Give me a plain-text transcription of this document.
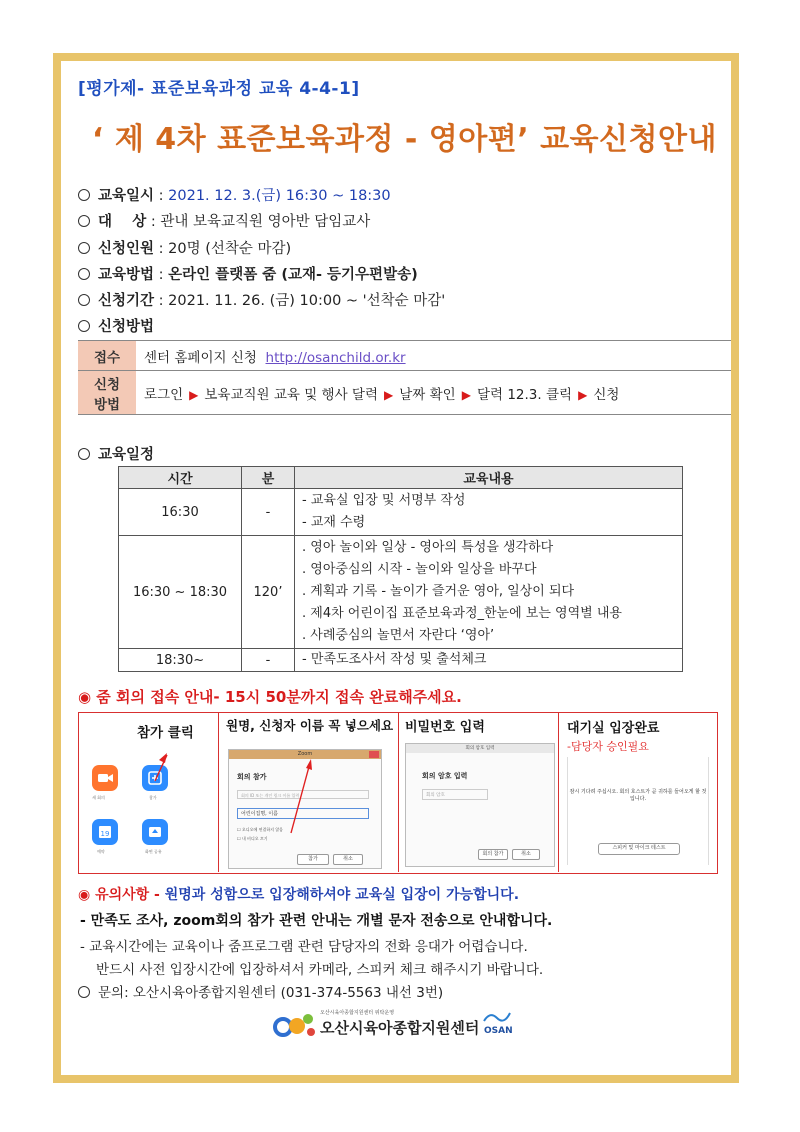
[평가제- 표준보육과정 교육 4-4-1]
‘ 제 4차 표준보육과정 - 영아편’ 교육신청안내
교육일시 : 2021. 12. 3.(금) 16:30 ~ 18:30
대    상 : 관내 보육교직원 영아반 담임교사
신청인원 : 20명 (선착순 마감)
교육방법 : 온라인 플랫폼 줌 (교재- 등기우편발송)
신청기간 : 2021. 11. 26. (금) 10:00 ~ '선착순 마감'
신청방법
접수	센터 홈페이지 신청 http://osanchild.or.kr
신청
방법	로그인 ▶ 보육교직원 교육 및 행사 달력 ▶ 날짜 확인 ▶ 달력 12.3. 클릭 ▶ 신청
교육일정
시간	분	교육내용
16:30	-	- 교육실 입장 및 서명부 작성
- 교재 수령

16:30 ~ 18:30	120’	. 영아 놀이와 일상 - 영아의 특성을 생각하다
. 영아중심의 시작 - 놀이와 일상을 바꾸다
. 계획과 기록 - 놀이가 즐거운 영아, 일상이 되다
. 제4차 어린이집 표준보육과정_한눈에 보는 영역별 내용
. 사례중심의 놀면서 자란다 ‘영아’

18:30~	-	- 만족도조사서 작성 및 출석체크
◉ 줌 회의 접속 안내- 15시 50분까지 접속 완료해주세요.
참가 클릭
새 회의	참가
19
예약	화면 공유
원명, 신청자 이름 꼭 넣으세요
Zoom
회의 참가
회의 ID 또는 개인 링크 이름 입력
어린이집명, 이름
☐ 오디오에 연결하지 않음
☐ 내 비디오 끄기
참가	취소
비밀번호 입력
회의 암호 입력
회의 암호 입력
회의 암호
회의 참가	취소
대기실 입장완료
-담당자 승인필요
잠시 기다려 주십시오. 회의 호스트가 곧 귀하를 들어오게 할 것입니다.
스피커 및 마이크 테스트
◉ 유의사항 - 원명과 성함으로 입장해하셔야 교육실 입장이 가능합니다.
- 만족도 조사, zoom회의 참가 관련 안내는 개별 문자 전송으로 안내합니다.
- 교육시간에는 교육이나 줌프로그램 관련 담당자의 전화 응대가 어렵습니다.
반드시 사전 입장시간에 입장하셔서 카메라, 스피커 체크 해주시기 바랍니다.
문의: 오산시육아종합지원센터 (031-374-5563 내선 3번)
오산시육아종합지원센터 위탁운영
오산시육아종합지원센터 OSAN
